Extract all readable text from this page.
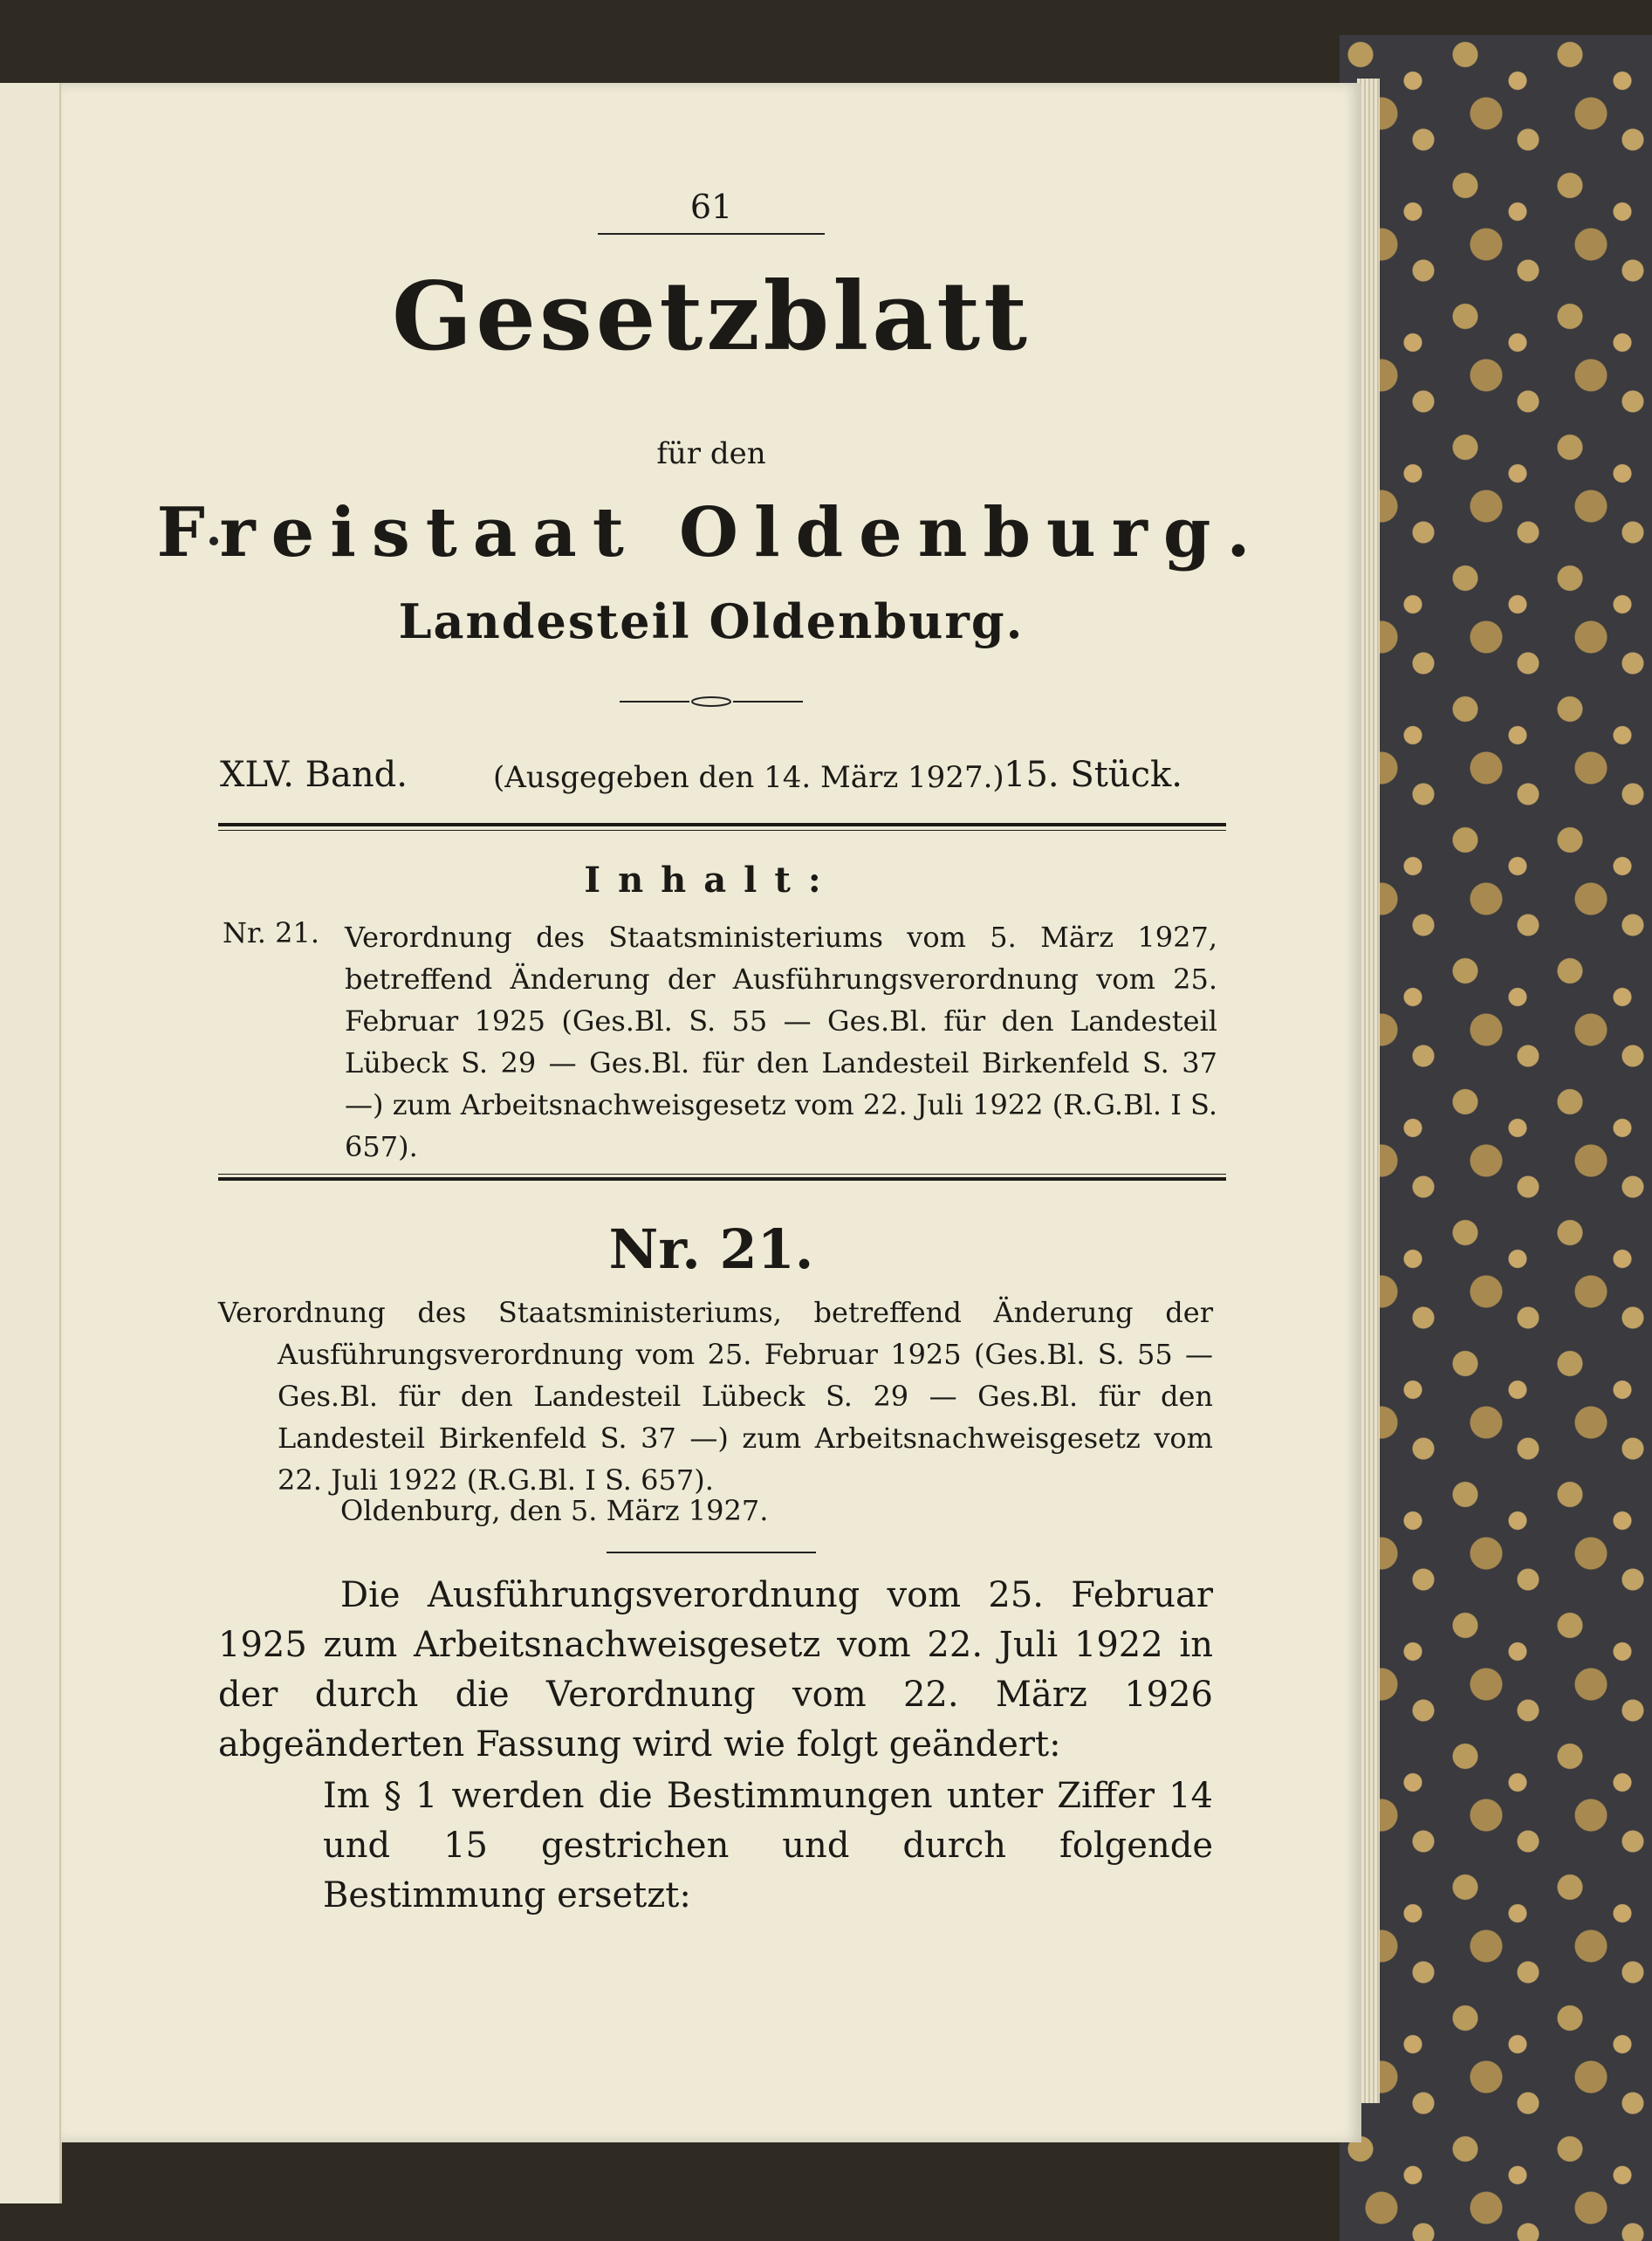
61
Gesetzblatt
für den
Freistaat Oldenburg.
Landesteil Oldenburg.
XLV. Band.	(Ausgegeben den 14. März 1927.) 15. Stück.
Inhalt:
Nr. 21. Verordnung des Staatsministeriums vom 5. März 1927, betreffend Änderung der Ausführungsverordnung vom 25. Februar 1925 (Ges.Bl. S. 55 — Ges.Bl. für den Landesteil Lübeck S. 29 — Ges.Bl. für den Landesteil Birkenfeld S. 37 —) zum Arbeitsnachweisgesetz vom 22. Juli 1922 (R.G.Bl. I S. 657).
Nr. 21.
Verordnung des Staatsministeriums, betreffend Änderung der Ausführungsverordnung vom 25. Februar 1925 (Ges.Bl. S. 55 — Ges.Bl. für den Landesteil Lübeck S. 29 — Ges.Bl. für den Landesteil Birkenfeld S. 37 —) zum Arbeitsnachweisgesetz vom 22. Juli 1922 (R.G.Bl. I S. 657).
Oldenburg, den 5. März 1927.
Die Ausführungsverordnung vom 25. Februar 1925 zum Arbeitsnachweisgesetz vom 22. Juli 1922 in der durch die Verordnung vom 22. März 1926 abgeänderten Fassung wird wie folgt geändert:
Im § 1 werden die Bestimmungen unter Ziffer 14 und 15 gestrichen und durch folgende Bestimmung ersetzt:
